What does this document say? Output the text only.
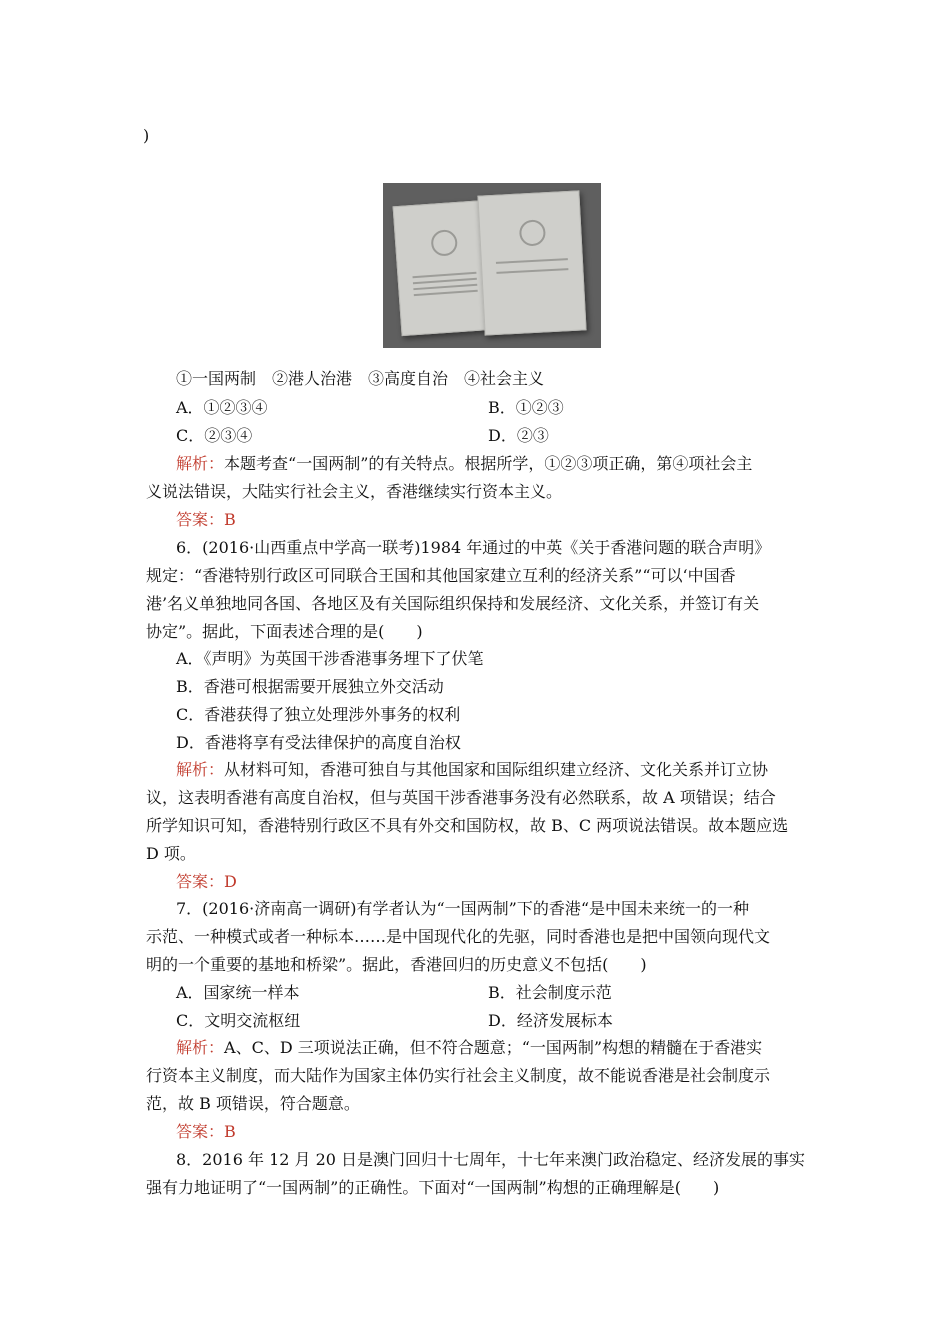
)
①一国两制　②港人治港　③高度自治　④社会主义
A．①②③④	B．①②③
C．②③④	D．②③
解析：本题考查“一国两制”的有关特点。根据所学，①②③项正确，第④项社会主
义说法错误，大陆实行社会主义，香港继续实行资本主义。
答案：B
6．(2016·山西重点中学高一联考)1984 年通过的中英《关于香港问题的联合声明》
规定：“香港特别行政区可同联合王国和其他国家建立互利的经济关系”“可以‘中国香
港’名义单独地同各国、各地区及有关国际组织保持和发展经济、文化关系，并签订有关
协定”。据此，下面表述合理的是(　　)
A．《声明》为英国干涉香港事务埋下了伏笔
B．香港可根据需要开展独立外交活动
C．香港获得了独立处理涉外事务的权利
D．香港将享有受法律保护的高度自治权
解析：从材料可知，香港可独自与其他国家和国际组织建立经济、文化关系并订立协
议，这表明香港有高度自治权，但与英国干涉香港事务没有必然联系，故 A 项错误；结合
所学知识可知，香港特别行政区不具有外交和国防权，故 B、C 两项说法错误。故本题应选
D 项。
答案：D
7．(2016·济南高一调研)有学者认为“一国两制”下的香港“是中国未来统一的一种
示范、一种模式或者一种标本……是中国现代化的先驱，同时香港也是把中国领向现代文
明的一个重要的基地和桥梁”。据此，香港回归的历史意义不包括(　　)
A．国家统一样本	B．社会制度示范
C．文明交流枢纽	D．经济发展标本
解析：A、C、D 三项说法正确，但不符合题意；“一国两制”构想的精髓在于香港实
行资本主义制度，而大陆作为国家主体仍实行社会主义制度，故不能说香港是社会制度示
范，故 B 项错误，符合题意。
答案：B
8．2016 年 12 月 20 日是澳门回归十七周年，十七年来澳门政治稳定、经济发展的事实
强有力地证明了“一国两制”的正确性。下面对“一国两制”构想的正确理解是(　　)
